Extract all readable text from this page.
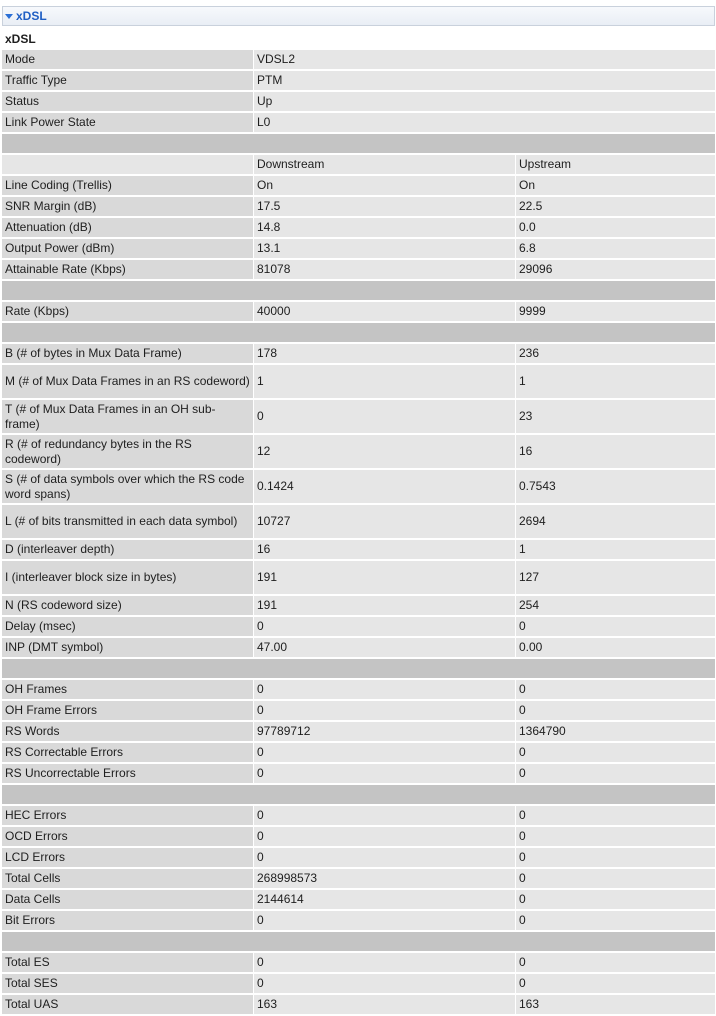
xDSL
xDSL
Mode	VDSL2	
Traffic Type	PTM	
Status	Up	
Link Power State	L0	

	Downstream	Upstream
Line Coding (Trellis)	On	On
SNR Margin (dB)	17.5	22.5
Attenuation (dB)	14.8	0.0
Output Power (dBm)	13.1	6.8
Attainable Rate (Kbps)	81078	29096

Rate (Kbps)	40000	9999

B (# of bytes in Mux Data Frame)	178	236
M (# of Mux Data Frames in an RS codeword)	1	1
T (# of Mux Data Frames in an OH sub-frame)	0	23
R (# of redundancy bytes in the RS codeword)	12	16
S (# of data symbols over which the RS code word spans)	0.1424	0.7543
L (# of bits transmitted in each data symbol)	10727	2694
D (interleaver depth)	16	1
I (interleaver block size in bytes)	191	127
N (RS codeword size)	191	254
Delay (msec)	0	0
INP (DMT symbol)	47.00	0.00

OH Frames	0	0
OH Frame Errors	0	0
RS Words	97789712	1364790
RS Correctable Errors	0	0
RS Uncorrectable Errors	0	0

HEC Errors	0	0
OCD Errors	0	0
LCD Errors	0	0
Total Cells	268998573	0
Data Cells	2144614	0
Bit Errors	0	0

Total ES	0	0
Total SES	0	0
Total UAS	163	163
